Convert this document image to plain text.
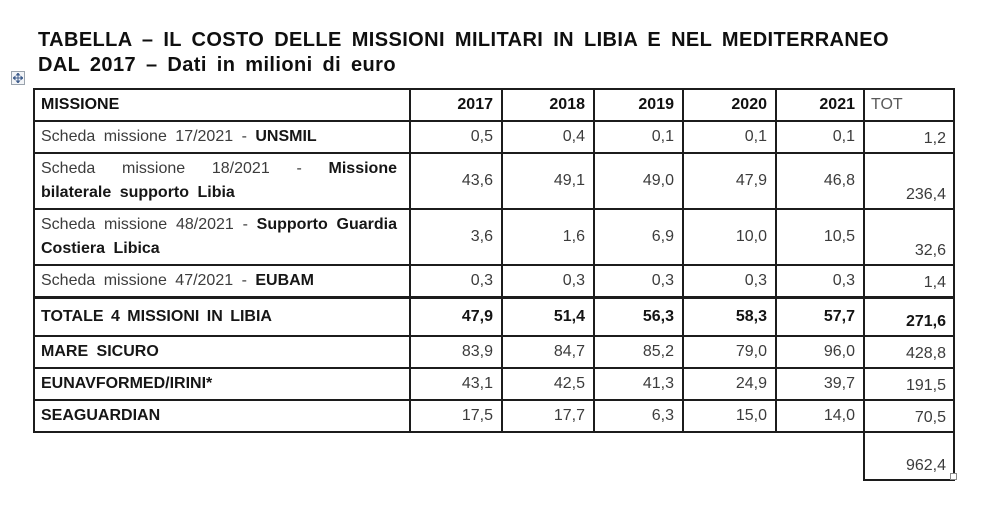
TABELLA – IL COSTO DELLE MISSIONI MILITARI IN LIBIA E NEL MEDITERRANEO
DAL 2017 – Dati in milioni di euro
MISSIONE	2017	2018	2019	2020	2021	TOT
Scheda missione 17/2021 - UNSMIL	0,5	0,4	0,1	0,1	0,1	1,2
Scheda missione 18/2021 - Missione bilaterale supporto Libia	43,6	49,1	49,0	47,9	46,8	236,4
Scheda missione 48/2021 - Supporto Guardia Costiera Libica	3,6	1,6	6,9	10,0	10,5	32,6
Scheda missione 47/2021 - EUBAM	0,3	0,3	0,3	0,3	0,3	1,4
TOTALE 4 MISSIONI IN LIBIA	47,9	51,4	56,3	58,3	57,7	271,6
MARE SICURO	83,9	84,7	85,2	79,0	96,0	428,8
EUNAVFORMED/IRINI*	43,1	42,5	41,3	24,9	39,7	191,5
SEAGUARDIAN	17,5	17,7	6,3	15,0	14,0	70,5
						962,4
